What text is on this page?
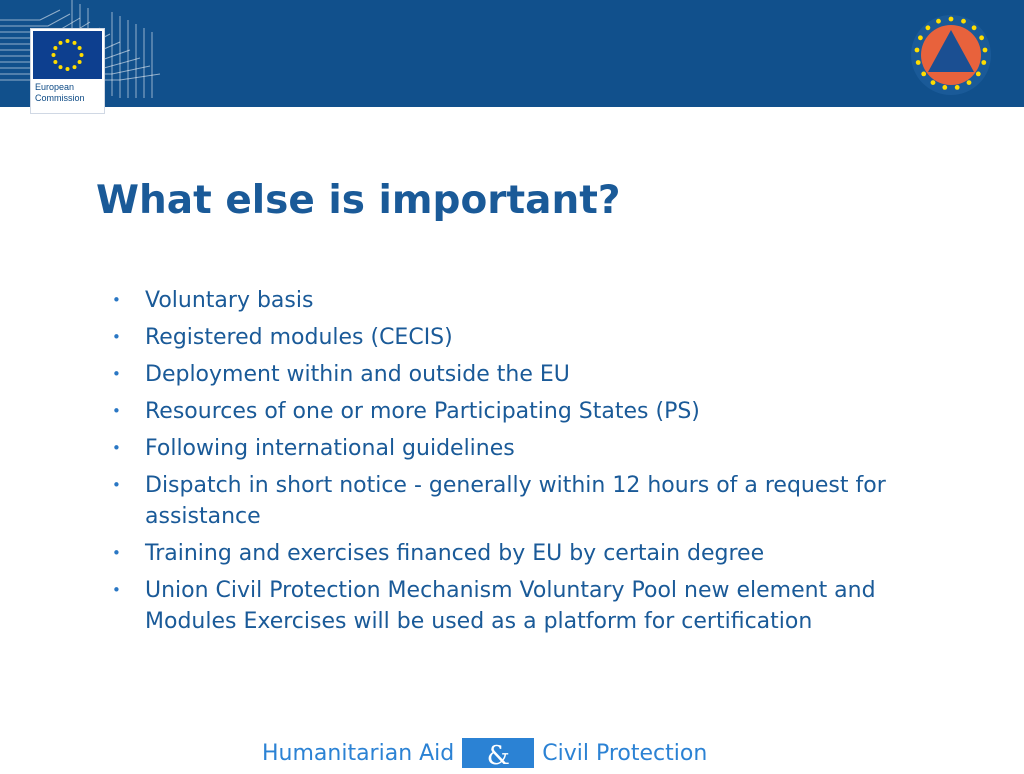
European
Commission
What else is important?
• Voluntary basis
• Registered modules (CECIS)
• Deployment within and outside the EU
• Resources of one or more Participating States (PS)
• Following international guidelines
• Dispatch in short notice - generally within 12 hours of a request for assistance
• Training and exercises financed by EU by certain degree
• Union Civil Protection Mechanism Voluntary Pool new element and Modules Exercises will be used as a platform for certification
Humanitarian Aid	&	Civil Protection
